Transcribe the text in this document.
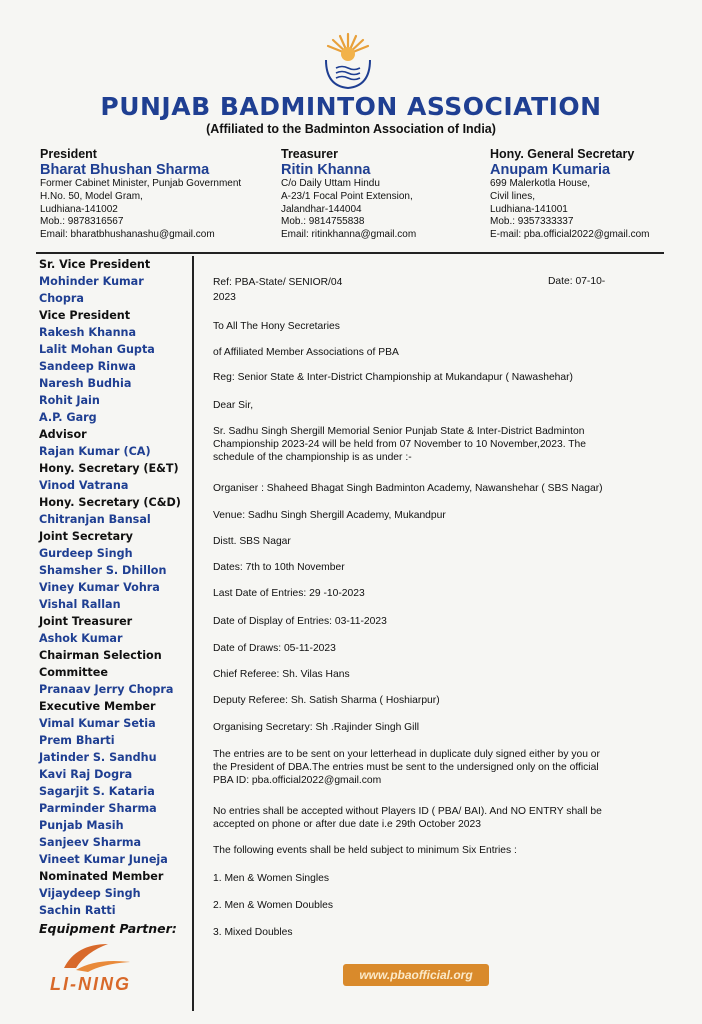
PUNJAB BADMINTON ASSOCIATION
(Affiliated to the Badminton Association of India)
President
Bharat Bhushan Sharma
Former Cabinet Minister, Punjab Government
H.No. 50, Model Gram,
Ludhiana-141002
Mob.: 9878316567
Email: bharatbhushanashu@gmail.com
Treasurer
Ritin Khanna
C/o Daily Uttam Hindu
A-23/1 Focal Point Extension,
Jalandhar-144004
Mob.: 9814755838
Email: ritinkhanna@gmail.com
Hony. General Secretary
Anupam Kumaria
699 Malerkotla House,
Civil lines,
Ludhiana-141001
Mob.: 9357333337
E-mail: pba.official2022@gmail.com
Sr. Vice President
Mohinder Kumar Chopra
Vice President
Rakesh Khanna
Lalit Mohan Gupta
Sandeep Rinwa
Naresh Budhia
Rohit Jain
A.P. Garg
Advisor
Rajan Kumar (CA)
Hony. Secretary (E&T)
Vinod Vatrana
Hony. Secretary (C&D)
Chitranjan Bansal
Joint Secretary
Gurdeep Singh
Shamsher S. Dhillon
Viney Kumar Vohra
Vishal Rallan
Joint Treasurer
Ashok Kumar
Chairman Selection
Committee
Pranaav Jerry Chopra
Executive Member
Vimal Kumar Setia
Prem Bharti
Jatinder S. Sandhu
Kavi Raj Dogra
Sagarjit S. Kataria
Parminder Sharma
Punjab Masih
Sanjeev Sharma
Vineet Kumar Juneja
Nominated Member
Vijaydeep Singh
Sachin Ratti
Equipment Partner:
LI-NING
Date: 07-10-

Ref: PBA-State/ SENIOR/04

2023

To All The Hony Secretaries

of Affiliated Member Associations of PBA

Reg: Senior State & Inter-District Championship at Mukandapur ( Nawashehar)

Dear Sir,

Sr. Sadhu Singh Shergill Memorial Senior Punjab State & Inter-District Badminton Championship 2023-24 will be held from 07 November to 10 November,2023. The schedule of the championship is as under :-

Organiser : Shaheed Bhagat Singh Badminton Academy, Nawanshehar ( SBS Nagar)

Venue: Sadhu Singh Shergill Academy, Mukandpur

Distt. SBS Nagar

Dates: 7th to 10th November

Last Date of Entries: 29 -10-2023

Date of Display of Entries: 03-11-2023

Date of Draws: 05-11-2023

Chief Referee: Sh. Vilas Hans

Deputy Referee: Sh. Satish Sharma ( Hoshiarpur)

Organising Secretary: Sh .Rajinder Singh Gill

The entries are to be sent on your letterhead in duplicate duly signed either by you or the President of DBA.The entries must be sent to the undersigned only on the official PBA ID: pba.official2022@gmail.com

No entries shall be accepted without Players ID ( PBA/ BAI). And NO ENTRY shall be accepted on phone or after due date i.e 29th October 2023

The following events shall be held subject to minimum Six Entries :

1. Men & Women Singles

2. Men & Women Doubles

3. Mixed Doubles

www.pbaofficial.org
